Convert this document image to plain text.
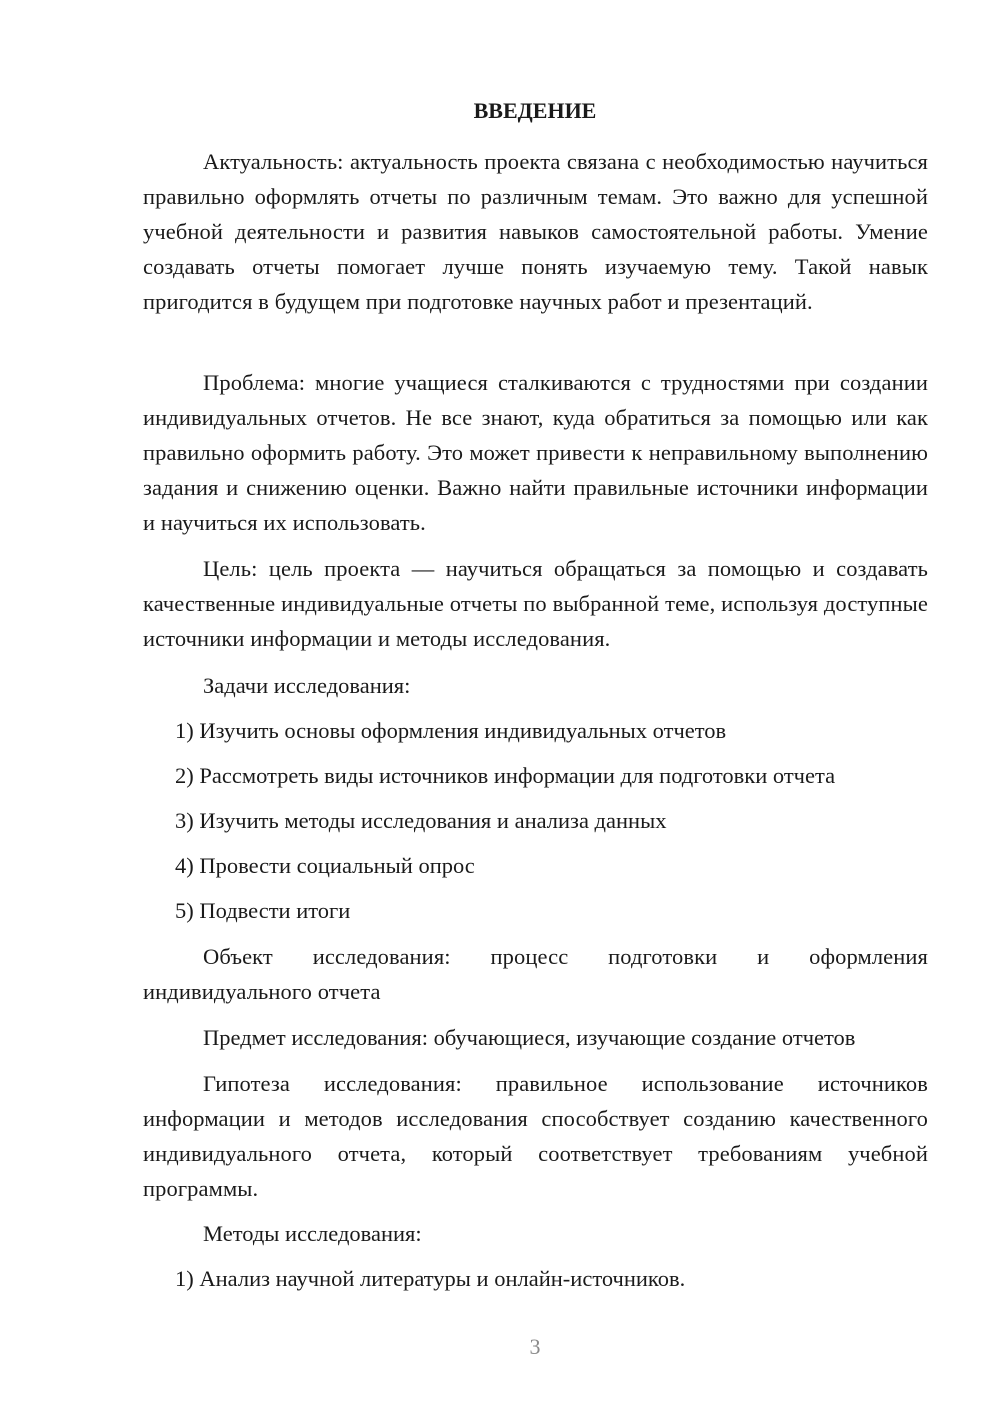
ВВЕДЕНИЕ

Актуальность: актуальность проекта связана с необходимостью научиться правильно оформлять отчеты по различным темам. Это важно для успешной учебной деятельности и развития навыков самостоятельной работы. Умение создавать отчеты помогает лучше понять изучаемую тему. Такой навык пригодится в будущем при подготовке научных работ и презентаций.

Проблема: многие учащиеся сталкиваются с трудностями при создании индивидуальных отчетов. Не все знают, куда обратиться за помощью или как правильно оформить работу. Это может привести к неправильному выполнению задания и снижению оценки. Важно найти правильные источники информации и научиться их использовать.

Цель: цель проекта — научиться обращаться за помощью и создавать качественные индивидуальные отчеты по выбранной теме, используя доступные источники информации и методы исследования.

Задачи исследования:

1) Изучить основы оформления индивидуальных отчетов

2) Рассмотреть виды источников информации для подготовки отчета

3) Изучить методы исследования и анализа данных

4) Провести социальный опрос

5) Подвести итоги

Объект исследования: процесс подготовки и оформления индивидуального отчета

Предмет исследования: обучающиеся, изучающие создание отчетов

Гипотеза исследования: правильное использование источников информации и методов исследования способствует созданию качественного индивидуального отчета, который соответствует требованиям учебной программы.

Методы исследования:

1) Анализ научной литературы и онлайн-источников.

3
